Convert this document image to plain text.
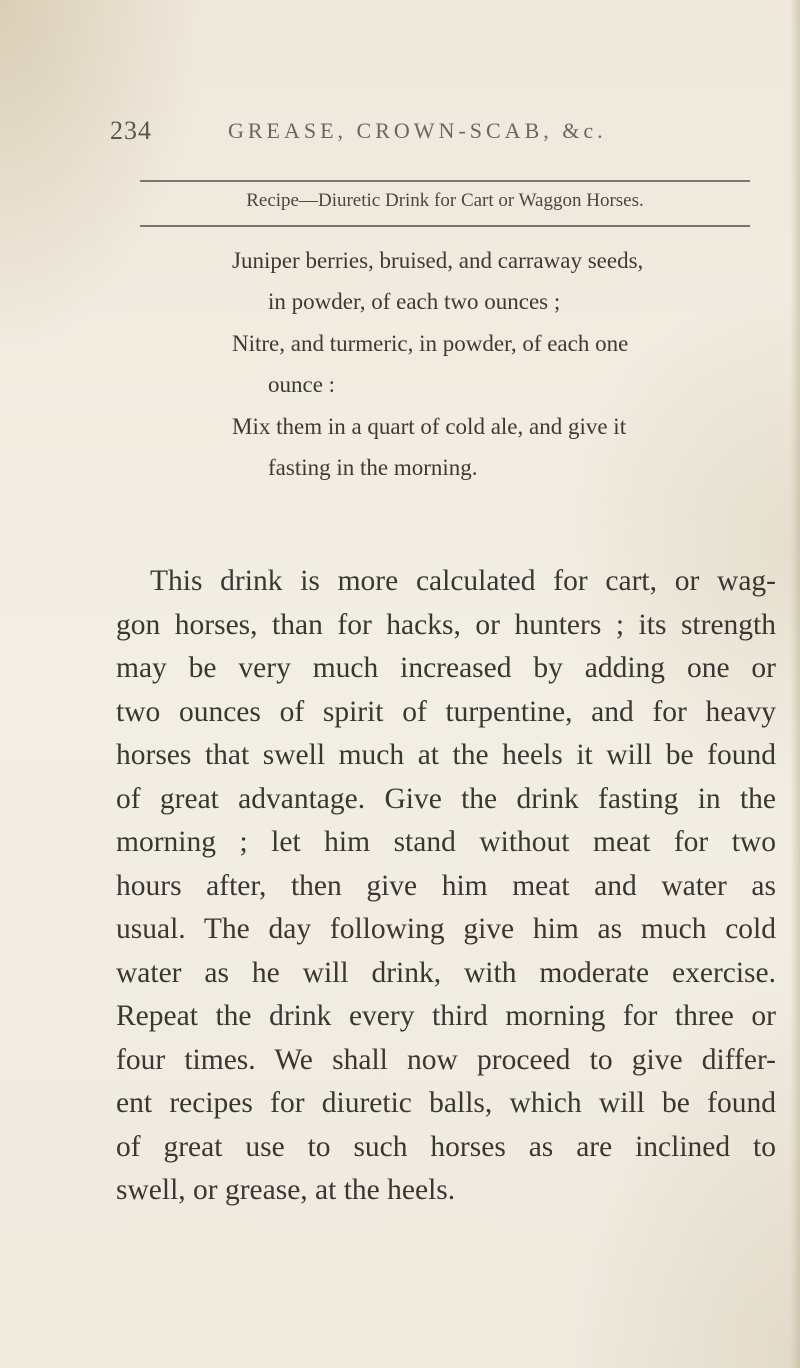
234	GREASE, CROWN-SCAB, &c.
Recipe—Diuretic Drink for Cart or Waggon Horses.
Juniper berries, bruised, and carraway seeds,
in powder, of each two ounces ;
Nitre, and turmeric, in powder, of each one
ounce :
Mix them in a quart of cold ale, and give it
fasting in the morning.
This drink is more calculated for cart, or wag-
gon horses, than for hacks, or hunters ; its strength
may be very much increased by adding one or
two ounces of spirit of turpentine, and for heavy
horses that swell much at the heels it will be found
of great advantage. Give the drink fasting in the
morning ; let him stand without meat for two
hours after, then give him meat and water as
usual. The day following give him as much cold
water as he will drink, with moderate exercise.
Repeat the drink every third morning for three or
four times. We shall now proceed to give differ-
ent recipes for diuretic balls, which will be found
of great use to such horses as are inclined to
swell, or grease, at the heels.
